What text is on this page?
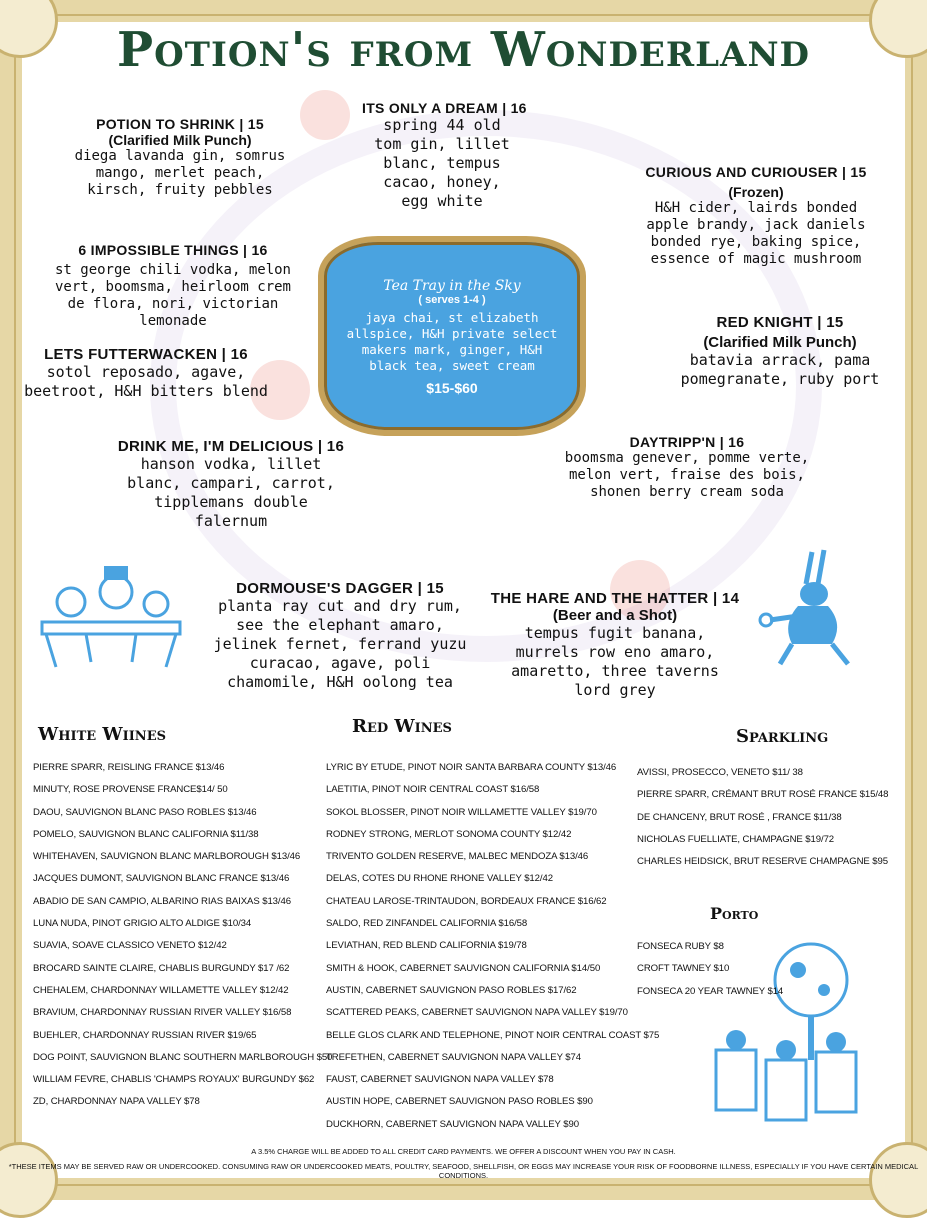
Potion's from Wonderland
POTION TO SHRINK | 15
(Clarified Milk Punch)
diega lavanda gin, somrus mango, merlet peach, kirsch, fruity pebbles
ITS ONLY A DREAM | 16
spring 44 old tom gin, lillet blanc, tempus cacao, honey, egg white
CURIOUS AND CURIOUSER | 15
(Frozen)
H&H cider, lairds bonded apple brandy, jack daniels bonded rye, baking spice, essence of magic mushroom
6 IMPOSSIBLE THINGS | 16
st george chili vodka, melon vert, boomsma, heirloom crem de flora, nori, victorian lemonade	RED KNIGHT | 15
(Clarified Milk Punch)
batavia arrack, pama pomegranate, ruby port
LETS FUTTERWACKEN | 16
sotol reposado, agave, beetroot, H&H bitters blend
DRINK ME, I'M DELICIOUS | 16
hanson vodka, lillet blanc, campari, carrot, tipplemans double falernum
DAYTRIPP'N | 16
boomsma genever, pomme verte, melon vert, fraise des bois, shonen berry cream soda
DORMOUSE'S DAGGER | 15
planta ray cut and dry rum, see the elephant amaro, jelinek fernet, ferrand yuzu curacao, agave, poli chamomile, H&H oolong tea
THE HARE AND THE HATTER | 14
(Beer and a Shot)
tempus fugit banana, murrels row eno amaro, amaretto, three taverns lord grey
Tea Tray in the Sky
( serves 1-4 )
jaya chai, st elizabeth allspice, H&H private select makers mark, ginger, H&H black tea, sweet cream
$15-$60
White Wiines
PIERRE SPARR, REISLING FRANCE $13/46
MINUTY, ROSE PROVENSE FRANCE$14/ 50
DAOU, SAUVIGNON BLANC PASO ROBLES $13/46
POMELO, SAUVIGNON BLANC CALIFORNIA $11/38
WHITEHAVEN, SAUVIGNON BLANC MARLBOROUGH $13/46
JACQUES DUMONT, SAUVIGNON BLANC FRANCE $13/46
ABADIO DE SAN CAMPIO, ALBARINO RIAS BAIXAS $13/46
LUNA NUDA, PINOT GRIGIO ALTO ALDIGE $10/34
SUAVIA, SOAVE CLASSICO VENETO $12/42
BROCARD SAINTE CLAIRE, CHABLIS BURGUNDY $17 /62
CHEHALEM, CHARDONNAY WILLAMETTE VALLEY $12/42
BRAVIUM, CHARDONNAY RUSSIAN RIVER VALLEY $16/58
BUEHLER, CHARDONNAY RUSSIAN RIVER $19/65
DOG POINT, SAUVIGNON BLANC SOUTHERN MARLBOROUGH $50
WILLIAM FEVRE, CHABLIS 'CHAMPS ROYAUX' BURGUNDY $62
ZD, CHARDONNAY NAPA VALLEY $78
Red Wines
LYRIC BY ETUDE, PINOT NOIR SANTA BARBARA COUNTY $13/46
LAETITIA, PINOT NOIR CENTRAL COAST $16/58
SOKOL BLOSSER, PINOT NOIR WILLAMETTE VALLEY $19/70
RODNEY STRONG, MERLOT SONOMA COUNTY $12/42
TRIVENTO GOLDEN RESERVE, MALBEC MENDOZA $13/46
DELAS, COTES DU RHONE RHONE VALLEY $12/42
CHATEAU LAROSE-TRINTAUDON, BORDEAUX FRANCE $16/62
SALDO, RED ZINFANDEL CALIFORNIA $16/58
LEVIATHAN, RED BLEND CALIFORNIA $19/78
SMITH & HOOK, CABERNET SAUVIGNON CALIFORNIA $14/50
AUSTIN, CABERNET SAUVIGNON PASO ROBLES $17/62
SCATTERED PEAKS, CABERNET SAUVIGNON NAPA VALLEY $19/70
BELLE GLOS CLARK AND TELEPHONE, PINOT NOIR CENTRAL COAST $75
TREFETHEN, CABERNET SAUVIGNON NAPA VALLEY $74
FAUST, CABERNET SAUVIGNON NAPA VALLEY $78
AUSTIN HOPE, CABERNET SAUVIGNON PASO ROBLES $90
DUCKHORN, CABERNET SAUVIGNON NAPA VALLEY $90
Sparkling
AVISSI, PROSECCO, VENETO $11/ 38
PIERRE SPARR, CRÉMANT BRUT ROSÉ FRANCE $15/48
DE CHANCENY, BRUT ROSÉ , FRANCE $11/38
NICHOLAS FUELLIATE, CHAMPAGNE $19/72
CHARLES HEIDSICK, BRUT RESERVE CHAMPAGNE $95
Porto
FONSECA RUBY $8
CROFT TAWNEY $10
FONSECA 20 YEAR TAWNEY $14
A 3.5% CHARGE WILL BE ADDED TO ALL CREDIT CARD PAYMENTS. WE OFFER A DISCOUNT WHEN YOU PAY IN CASH.
*THESE ITEMS MAY BE SERVED RAW OR UNDERCOOKED. CONSUMING RAW OR UNDERCOOKED MEATS, POULTRY, SEAFOOD, SHELLFISH, OR EGGS MAY INCREASE YOUR RISK OF FOODBORNE ILLNESS, ESPECIALLY IF YOU HAVE CERTAIN MEDICAL CONDITIONS.
